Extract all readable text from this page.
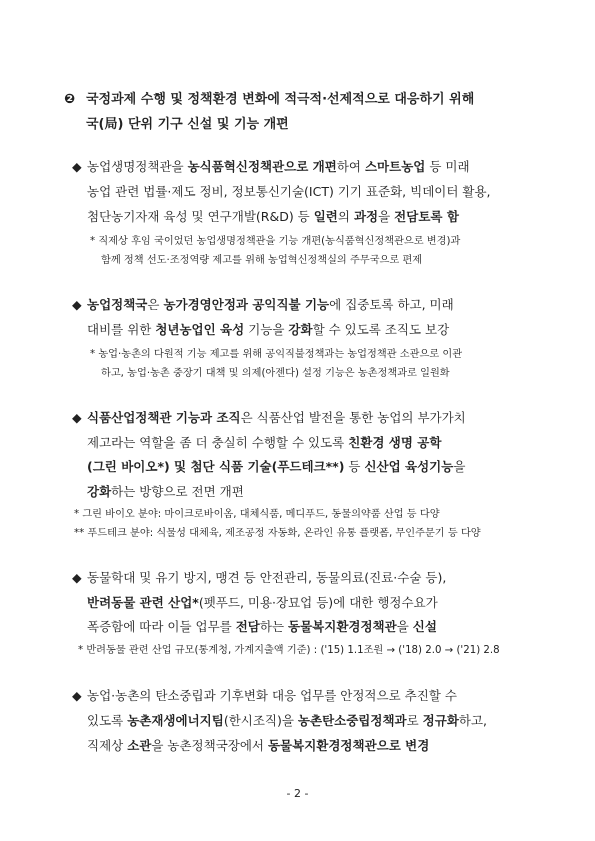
❷ 국정과제 수행 및 정책환경 변화에 적극적·선제적으로 대응하기 위해
국(局) 단위 기구 신설 및 기능 개편
◆ 농업생명정책관을 농식품혁신정책관으로 개편하여 스마트농업 등 미래
농업 관련 법률·제도 정비, 정보통신기술(ICT) 기기 표준화, 빅데이터 활용,
첨단농기자재 육성 및 연구개발(R&D) 등 일련의 과정을 전담토록 함
* 직제상 후임 국이었던 농업생명정책관을 기능 개편(농식품혁신정책관으로 변경)과
함께 정책 선도·조정역량 제고를 위해 농업혁신정책실의 주무국으로 편제
◆ 농업정책국은 농가경영안정과 공익직불 기능에 집중토록 하고, 미래
대비를 위한 청년농업인 육성 기능을 강화할 수 있도록 조직도 보강
* 농업·농촌의 다원적 기능 제고를 위해 공익직불정책과는 농업정책관 소관으로 이관
하고, 농업·농촌 중장기 대책 및 의제(아젠다) 설정 기능은 농촌정책과로 일원화
◆ 식품산업정책관 기능과 조직은 식품산업 발전을 통한 농업의 부가가치
제고라는 역할을 좀 더 충실히 수행할 수 있도록 친환경 생명 공학
(그린 바이오*) 및 첨단 식품 기술(푸드테크**) 등 신산업 육성기능을
강화하는 방향으로 전면 개편
* 그린 바이오 분야: 마이크로바이옴, 대체식품, 메디푸드, 동물의약품 산업 등 다양
** 푸드테크 분야: 식물성 대체육, 제조공정 자동화, 온라인 유통 플랫폼, 무인주문기 등 다양
◆ 동물학대 및 유기 방지, 맹견 등 안전관리, 동물의료(진료·수술 등),
반려동물 관련 산업*(펫푸드, 미용·장묘업 등)에 대한 행정수요가
폭증함에 따라 이들 업무를 전담하는 동물복지환경정책관을 신설
* 반려동물 관련 산업 규모(통계청, 가계지출액 기준) : ('15) 1.1조원 → ('18) 2.0 → ('21) 2.8
◆ 농업·농촌의 탄소중립과 기후변화 대응 업무를 안정적으로 추진할 수
있도록 농촌재생에너지팀(한시조직)을 농촌탄소중립정책과로 정규화하고,
직제상 소관을 농촌정책국장에서 동물복지환경정책관으로 변경
- 2 -
